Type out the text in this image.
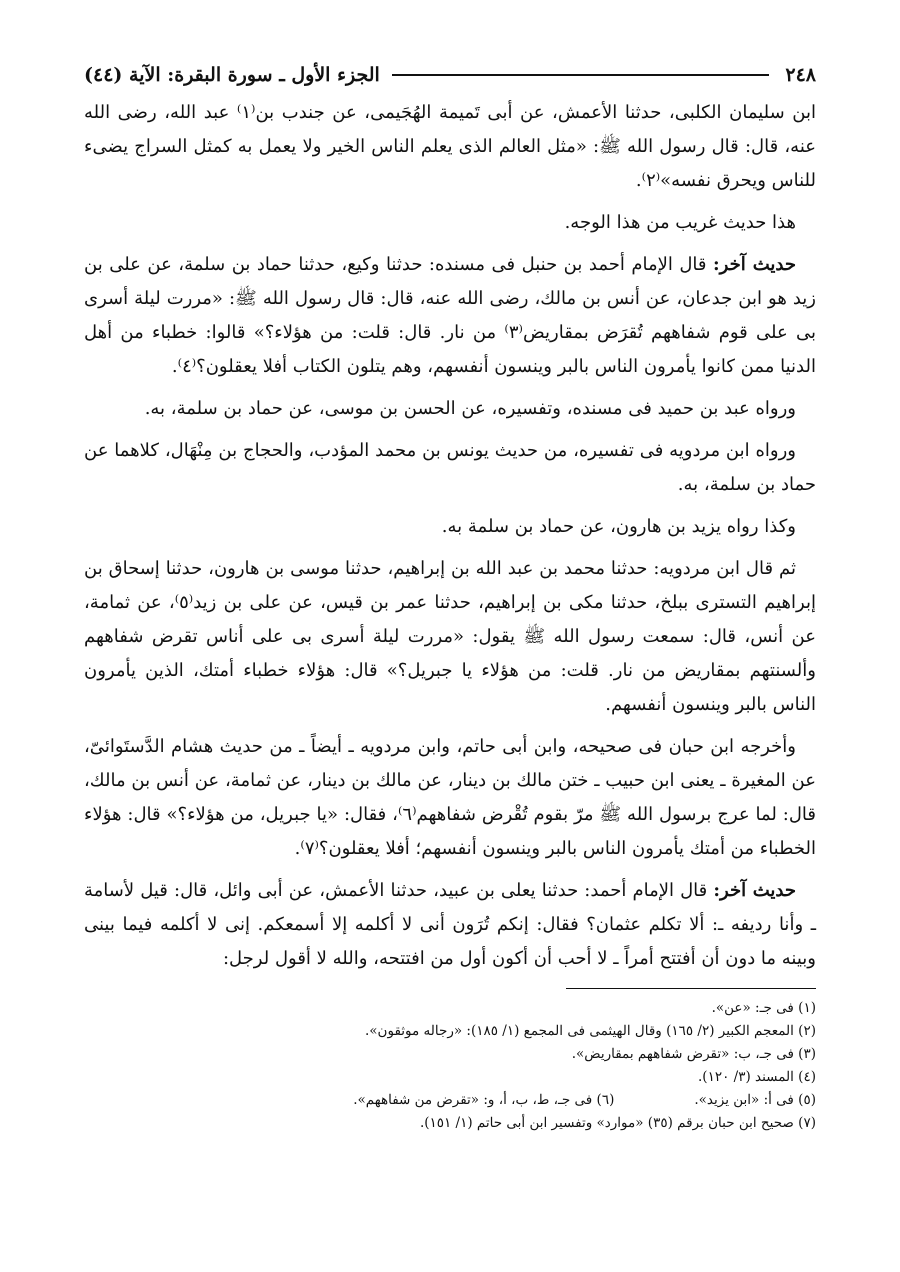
٢٤٨
الجزء الأول ـ سورة البقرة: الآية (٤٤)

ابن سليمان الكلبى، حدثنا الأعمش، عن أبى تَميمة الهُجَيمى، عن جندب بن⁽١⁾ عبد الله، رضى الله عنه، قال: قال رسول الله ﷺ: «مثل العالم الذى يعلم الناس الخير ولا يعمل به كمثل السراج يضىء للناس ويحرق نفسه»⁽٢⁾.

هذا حديث غريب من هذا الوجه.

حديث آخر: قال الإمام أحمد بن حنبل فى مسنده: حدثنا وكيع، حدثنا حماد بن سلمة، عن على بن زيد هو ابن جدعان، عن أنس بن مالك، رضى الله عنه، قال: قال رسول الله ﷺ: «مررت ليلة أسرى بى على قوم شفاههم تُقرَض بمقاريض⁽٣⁾ من نار. قال: قلت: من هؤلاء؟» قالوا: خطباء من أهل الدنيا ممن كانوا يأمرون الناس بالبر وينسون أنفسهم، وهم يتلون الكتاب أفلا يعقلون؟⁽٤⁾.

ورواه عبد بن حميد فى مسنده، وتفسيره، عن الحسن بن موسى، عن حماد بن سلمة، به.

ورواه ابن مردويه فى تفسيره، من حديث يونس بن محمد المؤدب، والحجاج بن مِنْهَال، كلاهما عن حماد بن سلمة، به.

وكذا رواه يزيد بن هارون، عن حماد بن سلمة به.

ثم قال ابن مردويه: حدثنا محمد بن عبد الله بن إبراهيم، حدثنا موسى بن هارون، حدثنا إسحاق بن إبراهيم التسترى ببلخ، حدثنا مكى بن إبراهيم، حدثنا عمر بن قيس، عن على بن زيد⁽٥⁾، عن ثمامة، عن أنس، قال: سمعت رسول الله ﷺ يقول: «مررت ليلة أسرى بى على أناس تقرض شفاههم وألسنتهم بمقاريض من نار. قلت: من هؤلاء يا جبريل؟» قال: هؤلاء خطباء أمتك، الذين يأمرون الناس بالبر وينسون أنفسهم.

وأخرجه ابن حبان فى صحيحه، وابن أبى حاتم، وابن مردويه ـ أيضاً ـ من حديث هشام الدَّستَوائىّ، عن المغيرة ـ يعنى ابن حبيب ـ ختن مالك بن دينار، عن مالك بن دينار، عن ثمامة، عن أنس بن مالك، قال: لما عرج برسول الله ﷺ مرّ بقوم تُقْرض شفاههم⁽٦⁾، فقال: «يا جبريل، من هؤلاء؟» قال: هؤلاء الخطباء من أمتك يأمرون الناس بالبر وينسون أنفسهم؛ أفلا يعقلون؟⁽٧⁾.

حديث آخر: قال الإمام أحمد: حدثنا يعلى بن عبيد، حدثنا الأعمش، عن أبى وائل، قال: قيل لأسامة ـ وأنا رديفه ـ: ألا تكلم عثمان؟ فقال: إنكم تُرَون أنى لا أكلمه إلا أسمعكم. إنى لا أكلمه فيما بينى وبينه ما دون أن أفتتح أمراً ـ لا أحب أن أكون أول من افتتحه، والله لا أقول لرجل:

(١) فى جـ: «عن».

(٢) المعجم الكبير (٢/ ١٦٥) وقال الهيثمى فى المجمع (١/ ١٨٥): «رجاله موثقون».

(٣) فى جـ، ب: «تقرض شفاههم بمقاريض».

(٤) المسند (٣/ ١٢٠).

(٥) فى أ: «ابن يزيد».

(٦) فى جـ، ط، ب، أ، و: «تقرض من شفاههم».

(٧) صحيح ابن حبان برقم (٣٥) «موارد» وتفسير ابن أبى حاتم (١/ ١٥١).
